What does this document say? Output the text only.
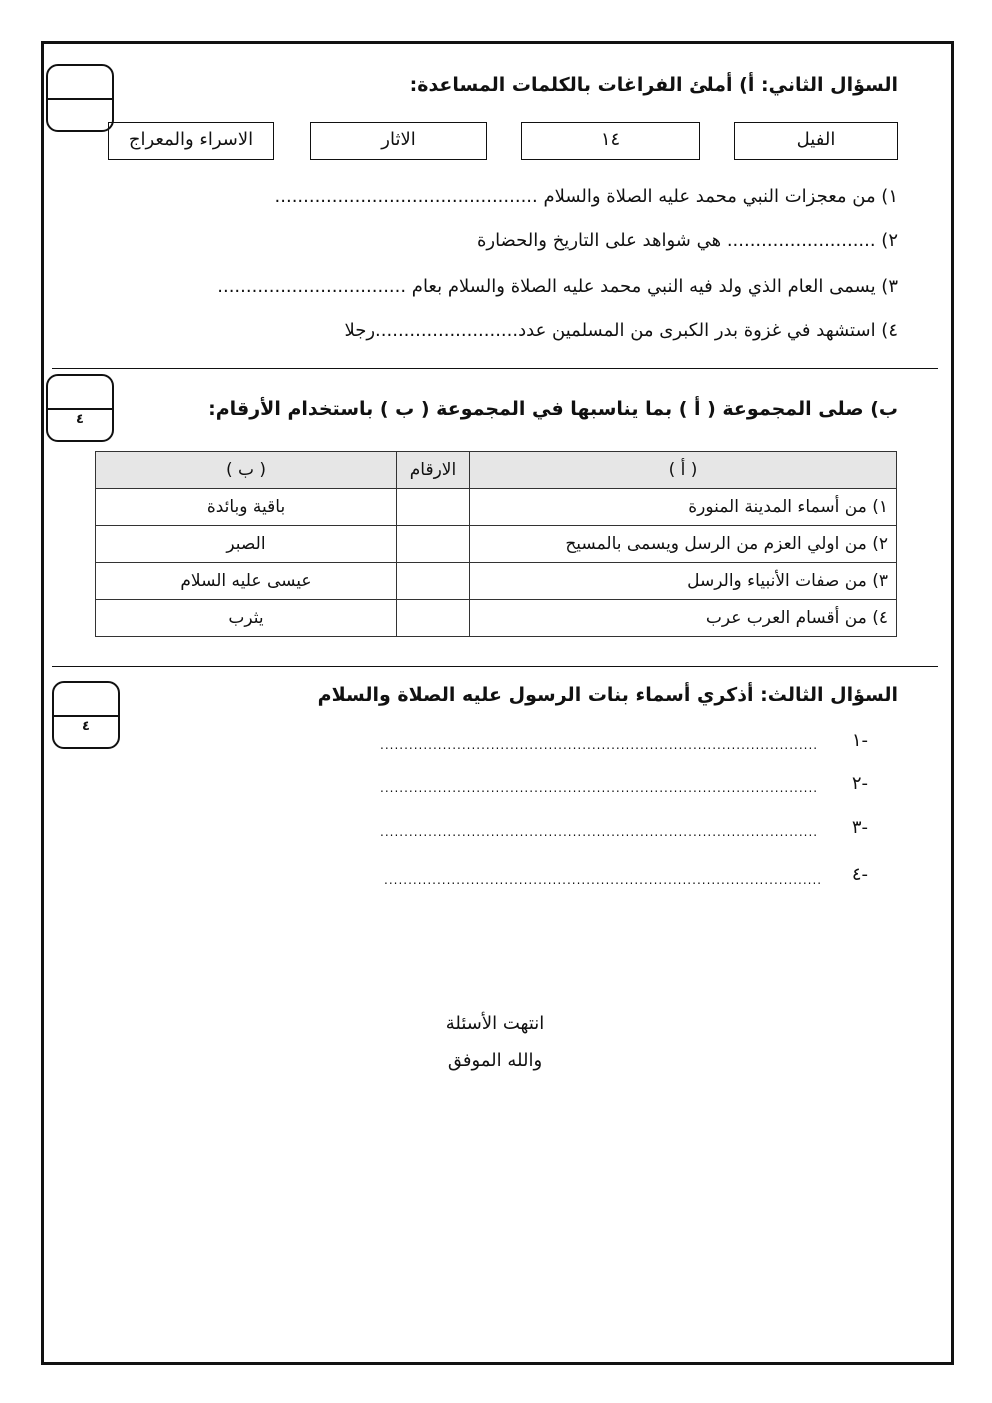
السؤال الثاني: أ) أملئ الفراغات بالكلمات المساعدة:
الفيل
١٤
الاثار
الاسراء والمعراج
١) من معجزات النبي محمد عليه الصلاة والسلام ..............................................
٢) .......................... هي شواهد على التاريخ والحضارة
٣) يسمى العام الذي ولد فيه النبي محمد عليه الصلاة والسلام بعام .................................
٤) استشهد في غزوة بدر الكبرى من المسلمين عدد.........................رجلا
٤	ب) صلى المجموعة ( أ ) بما يناسبها في المجموعة ( ب ) باستخدام الأرقام:
( أ )	الارقام	( ب )
١) من أسماء المدينة المنورة		باقية وبائدة
٢) من اولي العزم من الرسل ويسمى بالمسيح		الصبر
٣) من صفات الأنبياء والرسل		عيسى عليه السلام
٤) من أقسام العرب عرب		يثرب
٤
السؤال الثالث: أذكري أسماء بنات الرسول عليه الصلاة والسلام
-١
...........................................................................................
-٢
...........................................................................................
-٣
...........................................................................................
-٤
...........................................................................................
انتهت الأسئلة
والله الموفق
